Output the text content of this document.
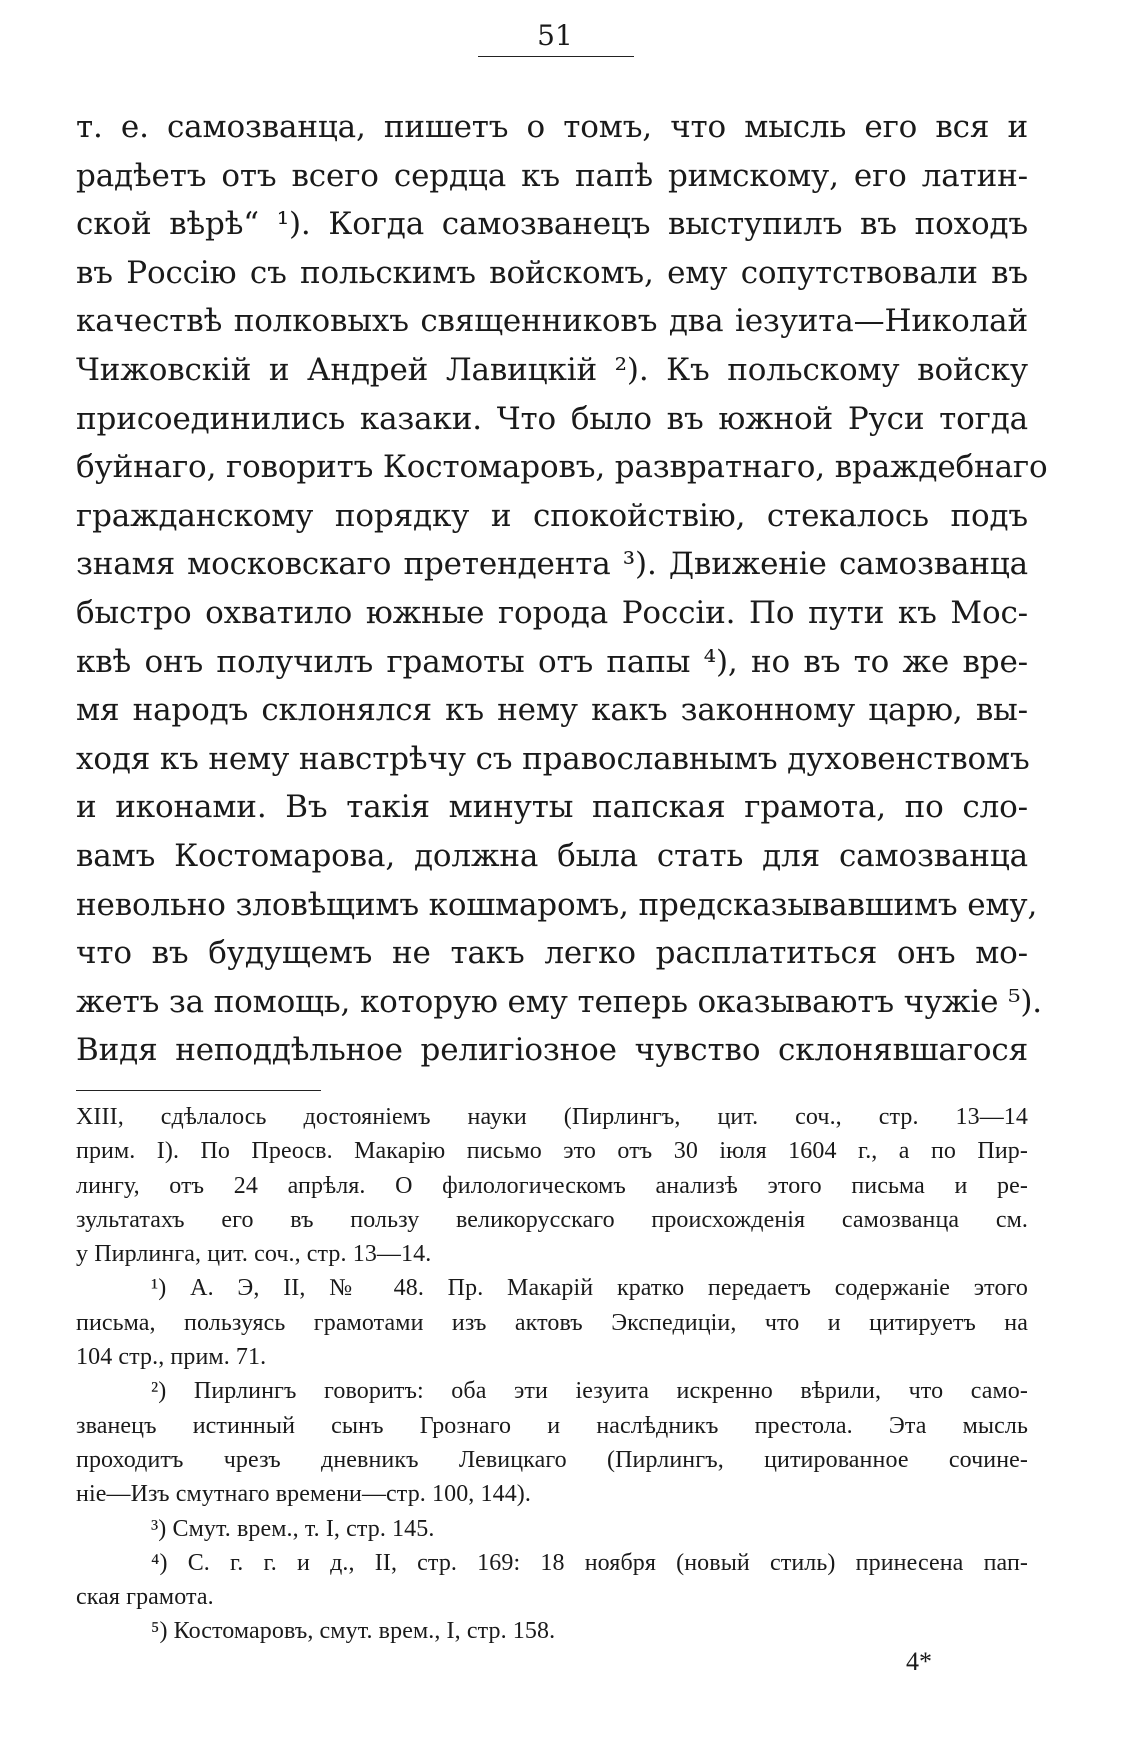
51
т. е. самозванца, пишетъ о томъ, что мысль его вся и
радѣетъ отъ всего сердца къ папѣ римскому, его латин-
ской вѣрѣ“ ¹). Когда самозванецъ выступилъ въ походъ
въ Россію съ польскимъ войскомъ, ему сопутствовали въ
качествѣ полковыхъ священниковъ два іезуита—Николай
Чижовскій и Андрей Лавицкій ²). Къ польскому войску
присоединились казаки. Что было въ южной Руси тогда
буйнаго, говоритъ Костомаровъ, развратнаго, враждебнаго
гражданскому порядку и спокойствію, стекалось подъ
знамя московскаго претендента ³). Движеніе самозванца
быстро охватило южные города Россіи. По пути къ Мос-
квѣ онъ получилъ грамоты отъ папы ⁴), но въ то же вре-
мя народъ склонялся къ нему какъ законному царю, вы-
ходя къ нему навстрѣчу съ православнымъ духовенствомъ
и иконами. Въ такія минуты папская грамота, по сло-
вамъ Костомарова, должна была стать для самозванца
невольно зловѣщимъ кошмаромъ, предсказывавшимъ ему,
что въ будущемъ не такъ легко расплатиться онъ мо-
жетъ за помощь, которую ему теперь оказываютъ чужіе ⁵).
Видя неподдѣльное религіозное чувство склонявшагося
XIII, сдѣлалось достояніемъ науки (Пирлингъ, цит. соч., стр. 13—14
прим. I). По Преосв. Макарію письмо это отъ 30 іюля 1604 г., а по Пир-
лингу, отъ 24 апрѣля. О филологическомъ анализѣ этого письма и ре-
зультатахъ его въ пользу великорусскаго происхожденія самозванца см.
у Пирлинга, цит. соч., стр. 13—14.
¹) А. Э, II, № 48. Пр. Макарій кратко передаетъ содержаніе этого
письма, пользуясь грамотами изъ актовъ Экспедиціи, что и цитируетъ на
104 стр., прим. 71.
²) Пирлингъ говоритъ: оба эти іезуита искренно вѣрили, что само-
званецъ истинный сынъ Грознаго и наслѣдникъ престола. Эта мысль
проходитъ чрезъ дневникъ Левицкаго (Пирлингъ, цитированное сочине-
ніе—Изъ смутнаго времени—стр. 100, 144).
³) Смут. врем., т. I, стр. 145.
⁴) С. г. г. и д., II, стр. 169: 18 ноября (новый стиль) принесена пап-
ская грамота.
⁵) Костомаровъ, смут. врем., I, стр. 158.
4*
